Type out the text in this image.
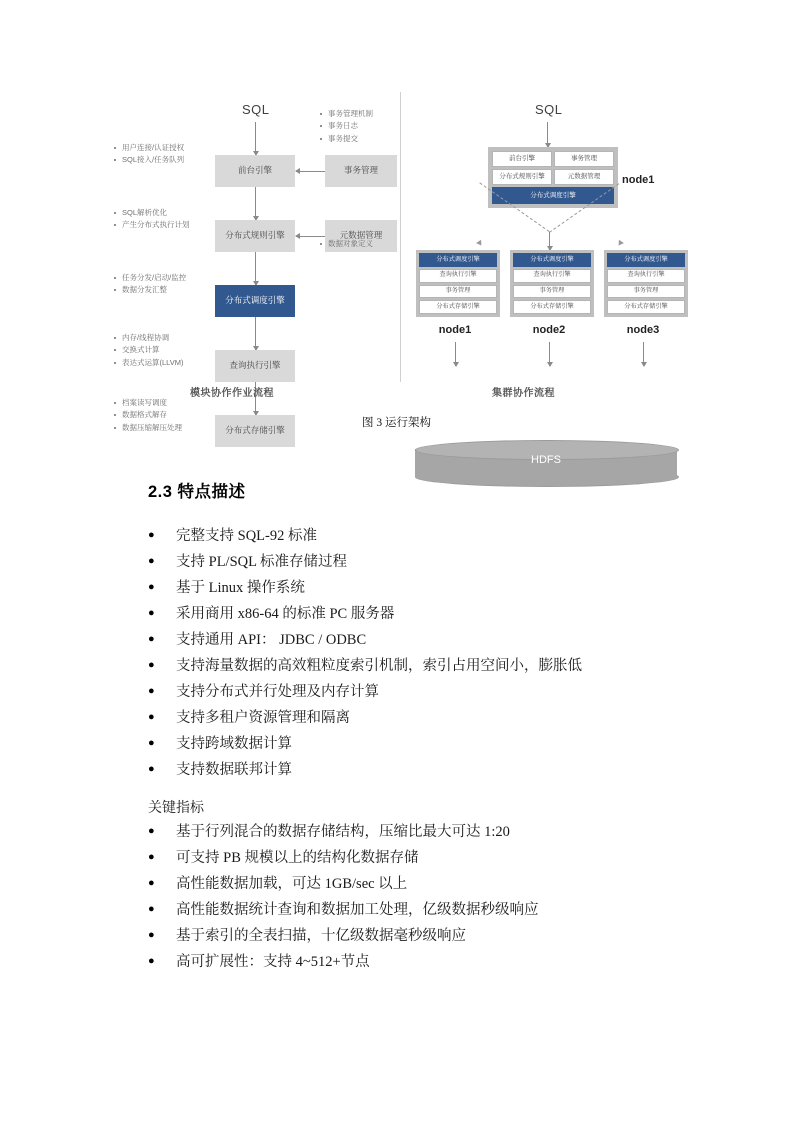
SQL
前台引擎
分布式规则引擎
分布式调度引擎
查询执行引擎
分布式存储引擎
事务管理
元数据管理
用户连接/认证授权
SQL接入/任务队列
SQL解析优化
产生分布式执行计划
任务分发/启动/监控
数据分发汇整
内存/线程协调
交换式计算
表达式运算(LLVM)
档案读写调度
数据格式解存
数据压缩解压处理
事务管理机制
事务日志
事务提交
数据对象定义
模块协作作业流程
SQL
前台引擎	事务管理
分布式规则引擎	元数据管理
分布式调度引擎
node1
分布式调度引擎
查询执行引擎
事务管理
分布式存储引擎
node1
分布式调度引擎
查询执行引擎
事务管理
分布式存储引擎
node2
分布式调度引擎
查询执行引擎
事务管理
分布式存储引擎
node3
HDFS
集群协作流程
图 3 运行架构
2.3 特点描述
●	完整支持 SQL-92 标准
●	支持 PL/SQL 标准存储过程
●	基于 Linux 操作系统
●	采用商用 x86-64 的标准 PC 服务器
●	支持通用 API： JDBC / ODBC
●	支持海量数据的高效粗粒度索引机制，索引占用空间小，膨胀低
●	支持分布式并行处理及内存计算
●	支持多租户资源管理和隔离
●	支持跨域数据计算
●	支持数据联邦计算
关键指标
●	基于行列混合的数据存储结构，压缩比最大可达 1:20
●	可支持 PB 规模以上的结构化数据存储
●	高性能数据加载，可达 1GB/sec 以上
●	高性能数据统计查询和数据加工处理，亿级数据秒级响应
●	基于索引的全表扫描，十亿级数据毫秒级响应
●	高可扩展性：支持 4~512+节点
